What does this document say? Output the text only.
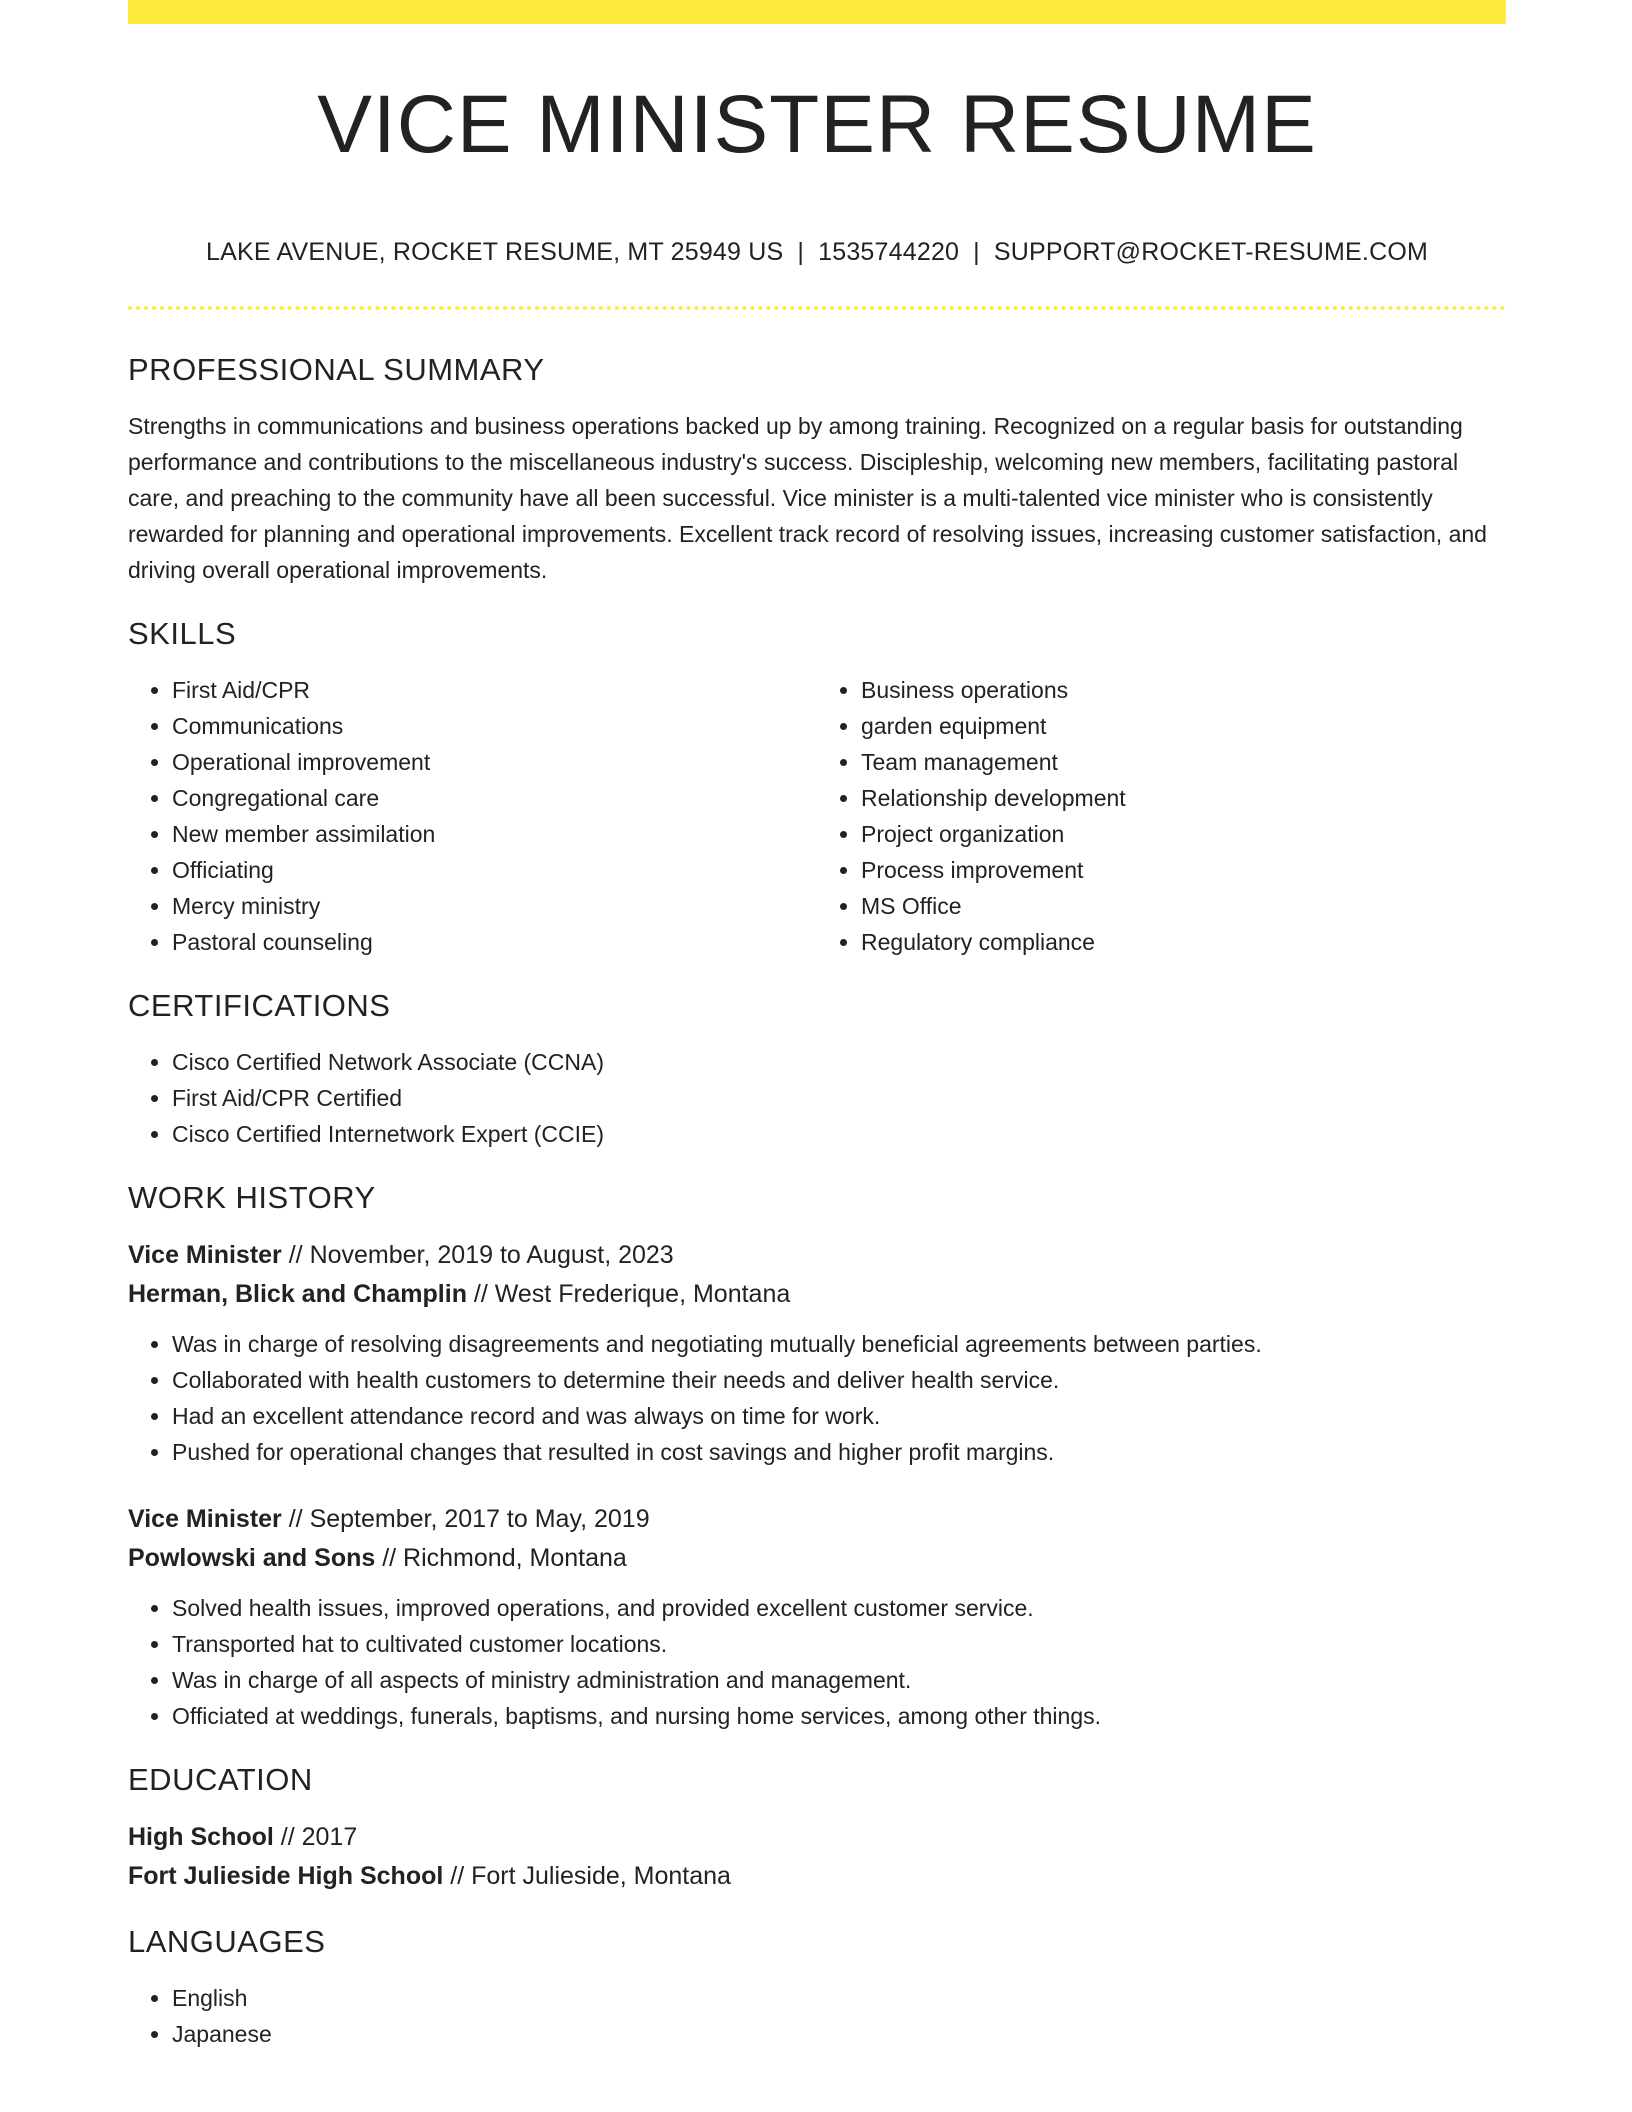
VICE MINISTER RESUME
LAKE AVENUE, ROCKET RESUME, MT 25949 US | 1535744220 | SUPPORT@ROCKET-RESUME.COM
PROFESSIONAL SUMMARY

Strengths in communications and business operations backed up by among training. Recognized on a regular basis for outstanding performance and contributions to the miscellaneous industry's success. Discipleship, welcoming new members, facilitating pastoral care, and preaching to the community have all been successful. Vice minister is a multi-talented vice minister who is consistently rewarded for planning and operational improvements. Excellent track record of resolving issues, increasing customer satisfaction, and driving overall operational improvements.

SKILLS
• First Aid/CPR
• Communications
• Operational improvement
• Congregational care
• New member assimilation
• Officiating
• Mercy ministry
• Pastoral counseling
• Business operations
• garden equipment
• Team management
• Relationship development
• Project organization
• Process improvement
• MS Office
• Regulatory compliance
CERTIFICATIONS
• Cisco Certified Network Associate (CCNA)
• First Aid/CPR Certified
• Cisco Certified Internetwork Expert (CCIE)
WORK HISTORY
Vice Minister // November, 2019 to August, 2023
Herman, Blick and Champlin // West Frederique, Montana
• Was in charge of resolving disagreements and negotiating mutually beneficial agreements between parties.
• Collaborated with health customers to determine their needs and deliver health service.
• Had an excellent attendance record and was always on time for work.
• Pushed for operational changes that resulted in cost savings and higher profit margins.
Vice Minister // September, 2017 to May, 2019
Powlowski and Sons // Richmond, Montana
• Solved health issues, improved operations, and provided excellent customer service.
• Transported hat to cultivated customer locations.
• Was in charge of all aspects of ministry administration and management.
• Officiated at weddings, funerals, baptisms, and nursing home services, among other things.
EDUCATION
High School // 2017
Fort Julieside High School // Fort Julieside, Montana
LANGUAGES
• English
• Japanese
